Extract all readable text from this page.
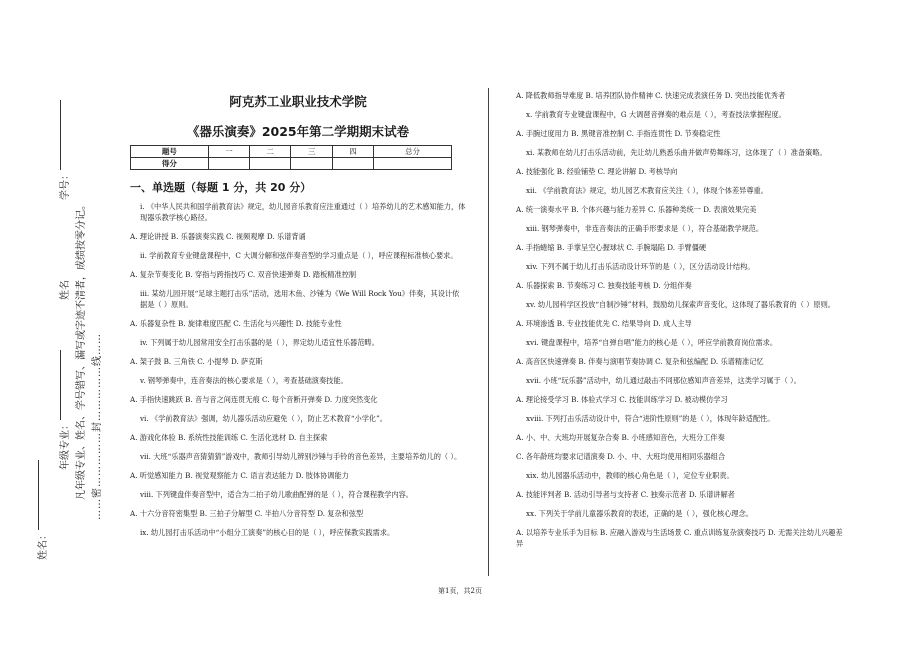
姓名：
年级专业：
学号：
姓名 凡年级专业、姓名、学号错写、漏写或字迹不清者，成绩按零分记。 ……密……………封……………线……
阿克苏工业职业技术学院
《器乐演奏》2025年第二学期期末试卷
题号	一	二	三	四	总分
得分					
一、单选题（每题 1 分，共 20 分）
i. 《中华人民共和国学前教育法》规定，幼儿园音乐教育应注重通过（ ）培养幼儿的艺术感知能力，体现器乐教学核心路径。
A. 理论讲授 B. 乐器演奏实践 C. 视频观摩 D. 乐谱背诵
ii. 学前教育专业键盘课程中，C 大调分解和弦伴奏音型的学习重点是（ ），呼应课程标准核心要求。
A. 复杂节奏变化 B. 穿指与跨指技巧 C. 双音快速弹奏 D. 踏板精准控制
iii. 某幼儿园开展“足球主题打击乐”活动，选用木鱼、沙锤为《We Will Rock You》伴奏，其设计依据是（ ）原则。
A. 乐器复杂性 B. 旋律难度匹配 C. 生活化与兴趣性 D. 技能专业性
iv. 下列属于幼儿园常用安全打击乐器的是（ ），界定幼儿适宜性乐器范畴。
A. 架子鼓 B. 三角铁 C. 小提琴 D. 萨克斯
v. 钢琴弹奏中，连音奏法的核心要求是（ ），考查基础演奏技能。
A. 手指快速跳跃 B. 音与音之间连贯无痕 C. 每个音断开弹奏 D. 力度突然变化
vi. 《学前教育法》强调，幼儿器乐活动应避免（ ），防止艺术教育“小学化”。
A. 游戏化体验 B. 系统性技能训练 C. 生活化选材 D. 自主探索
vii. 大班“乐器声音猜猜猜”游戏中，教师引导幼儿辨别沙锤与手铃的音色差异，主要培养幼儿的（ ）。
A. 听觉感知能力 B. 视觉观察能力 C. 语言表达能力 D. 肢体协调能力
viii. 下列键盘伴奏音型中，适合为二拍子幼儿歌曲配弹的是（ ），符合课程教学内容。
A. 十六分音符密集型 B. 三拍子分解型 C. 半拍八分音符型 D. 复杂和弦型
ix. 幼儿园打击乐活动中“小组分工演奏”的核心目的是（ ），呼应保教实践需求。
A. 降低教师指导难度 B. 培养团队协作精神 C. 快速完成表演任务 D. 突出技能优秀者
x. 学前教育专业键盘课程中，G 大调琶音弹奏的难点是（ ），考查技法掌握程度。
A. 手腕过度用力 B. 黑键音准控制 C. 手指连贯性 D. 节奏稳定性
xi. 某教师在幼儿打击乐活动前，先让幼儿熟悉乐曲并做声势舞练习，这体现了（ ）准备策略。
A. 技能强化 B. 经验铺垫 C. 理论讲解 D. 考核导向
xii. 《学前教育法》规定，幼儿园艺术教育应关注（ ），体现个体差异尊重。
A. 统一演奏水平 B. 个体兴趣与能力差异 C. 乐器种类统一 D. 表演效果完美
xiii. 钢琴弹奏中，非连音奏法的正确手形要求是（ ），符合基础教学规范。
A. 手指蜷缩 B. 手掌呈空心握球状 C. 手腕塌陷 D. 手臂僵硬
xiv. 下列不属于幼儿打击乐活动设计环节的是（ ），区分活动设计结构。
A. 乐器探索 B. 节奏练习 C. 独奏技能考核 D. 分组伴奏
xv. 幼儿园科学区投放“自制沙锤”材料，鼓励幼儿探索声音变化，这体现了器乐教育的（ ）原则。
A. 环境渗透 B. 专业技能优先 C. 结果导向 D. 成人主导
xvi. 键盘课程中，培养“自弹自唱”能力的核心是（ ），呼应学前教育岗位需求。
A. 高音区快速弹奏 B. 伴奏与演唱节奏协调 C. 复杂和弦编配 D. 乐谱精准记忆
xvii. 小班“玩乐器”活动中，幼儿通过敲击不同那位感知声音差异，这类学习属于（ ）。
A. 理论接受学习 B. 体验式学习 C. 技能训练学习 D. 被动模仿学习
xviii. 下列打击乐活动设计中，符合“进阶性原则”的是（ ），体现年龄适配性。
A. 小、中、大班均开展复杂合奏 B. 小班感知音色，大班分工伴奏
C. 各年龄班均要求记谱演奏 D. 小、中、大班均使用相同乐器组合
xix. 幼儿园器乐活动中，教师的核心角色是（ ），定位专业职责。
A. 技能评判者 B. 活动引导者与支持者 C. 独奏示范者 D. 乐谱讲解者
xx. 下列关于学前儿童器乐教育的表述，正确的是（ ），强化核心理念。
A. 以培养专业乐手为目标 B. 应融入游戏与生活场景 C. 重点训练复杂演奏技巧 D. 无需关注幼儿兴趣差异
第1页，共2页
